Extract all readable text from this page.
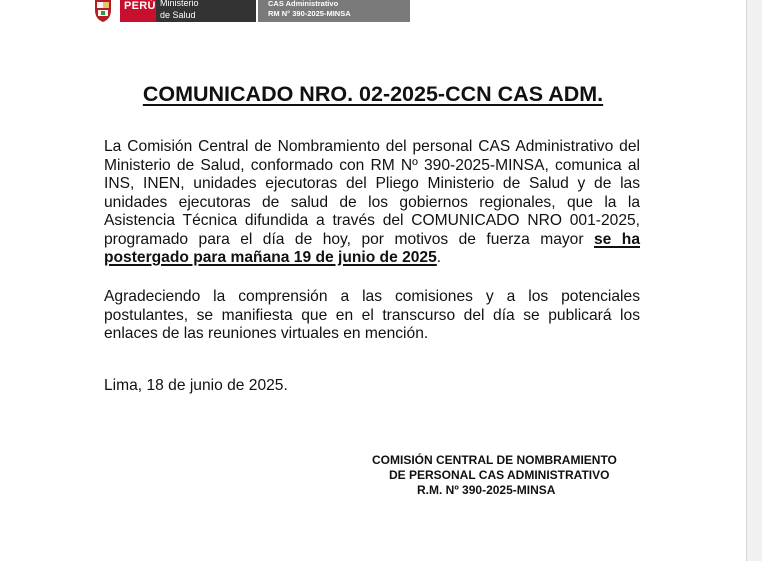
PERÚ Ministerio
de Salud
CAS Administrativo
RM N° 390-2025-MINSA
COMUNICADO NRO. 02-2025-CCN CAS ADM.
La Comisión Central de Nombramiento del personal CAS Administrativo del Ministerio de Salud, conformado con RM Nº 390-2025-MINSA, comunica al INS, INEN, unidades ejecutoras del Pliego Ministerio de Salud y de las unidades ejecutoras de salud de los gobiernos regionales, que la la Asistencia Técnica difundida a través del COMUNICADO NRO 001-2025, programado para el día de hoy, por motivos de fuerza mayor se ha postergado para mañana 19 de junio de 2025.
Agradeciendo la comprensión a las comisiones y a los potenciales postulantes, se manifiesta que en el transcurso del día se publicará los enlaces de las reuniones virtuales en mención.
Lima, 18 de junio de 2025.
COMISIÓN CENTRAL DE NOMBRAMIENTO
DE PERSONAL CAS ADMINISTRATIVO
R.M. Nº 390-2025-MINSA
